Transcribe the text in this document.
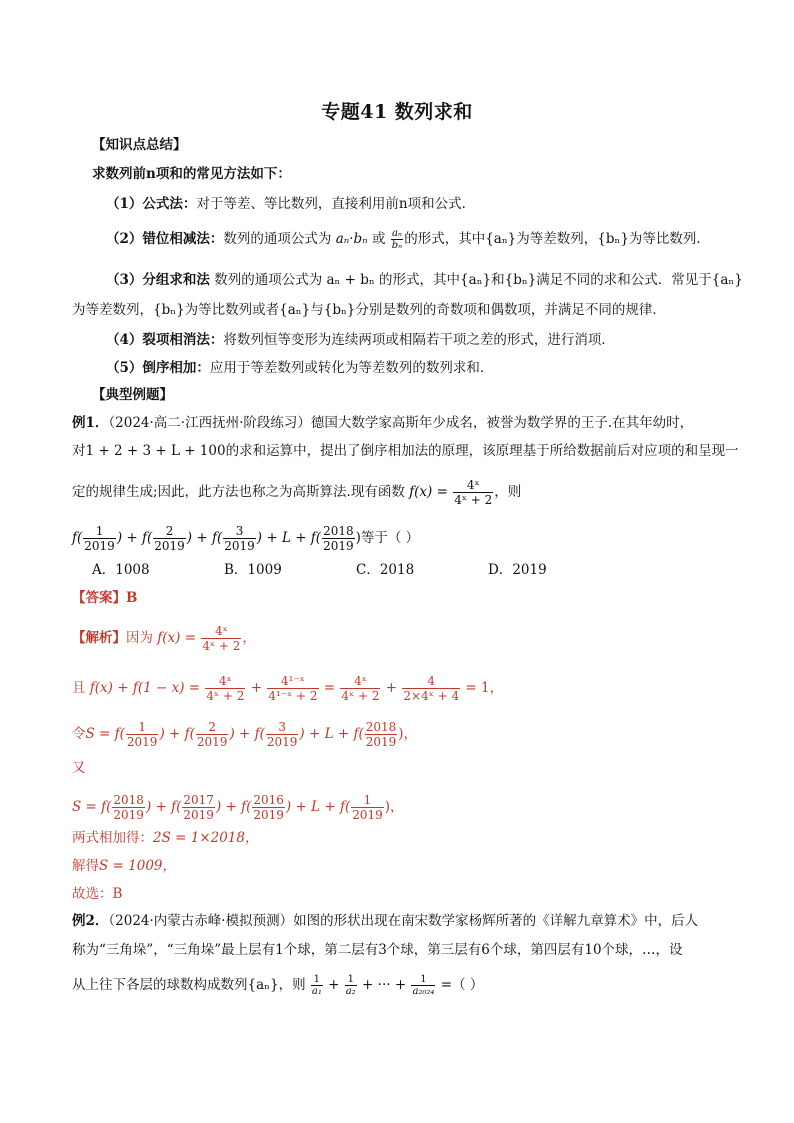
专题41 数列求和
【知识点总结】
求数列前n项和的常见方法如下：
（1）公式法：对于等差、等比数列，直接利用前n项和公式．
（2）错位相减法：数列的通项公式为 aₙ·bₙ 或 $\frac{\text{aₙ}}{\text{bₙ}}$ 的形式，其中{aₙ}为等差数列，{bₙ}为等比数列．
（3）分组求和法 数列的通项公式为 aₙ + bₙ 的形式，其中{aₙ}和{bₙ}满足不同的求和公式．常见于{aₙ}
为等差数列，{bₙ}为等比数列或者{aₙ}与{bₙ}分别是数列的奇数项和偶数项，并满足不同的规律．
（4）裂项相消法：将数列恒等变形为连续两项或相隔若干项之差的形式，进行消项．
（5）倒序相加：应用于等差数列或转化为等差数列的数列求和．
【典型例题】
例1．（2024·高二·江西抚州·阶段练习）德国大数学家高斯年少成名，被誉为数学界的王子.在其年幼时，
对1 + 2 + 3 + L + 100的求和运算中，提出了倒序相加法的原理，该原理基于所给数据前后对应项的和呈现一
定的规律生成;因此，此方法也称之为高斯算法.现有函数 $f(x) = \frac{\text{4ˣ}}{\text{4ˣ + 2}}$ ，则
$f( \frac{1}{2019}$ ) + $f( \frac{2}{2019}$ ) + $f( \frac{3}{2019}$ ) + $L + f( \frac{2018}{2019}$ )等于（ ）
A．1008	B．1009	C．2018	D．2019
【答案】B
【解析】因为 $f(x) = \frac{\text{4ˣ}}{\text{4ˣ + 2}}$ ，
且 $f(x) + f(1 - x) = \frac{\text{4ˣ}}{\text{4ˣ + 2}} + \frac{\text{4¹⁻ˣ}}{\text{4¹⁻ˣ + 2}} = \frac{\text{4ˣ}}{\text{4ˣ + 2}} + \frac{4}{\text{2×4ˣ + 4}} = 1$，
令$S = f( \frac{1}{2019}$ ) + $f( \frac{2}{2019}$ ) + $f( \frac{3}{2019}$ ) + $L + f( \frac{2018}{2019}$ )，
又
$S = f( \frac{2018}{2019}$ ) + $f( \frac{2017}{2019}$ ) + $f( \frac{2016}{2019}$ ) + $L + f( \frac{1}{2019}$ )，
两式相加得：2S = 1×2018，
解得S = 1009，
故选：B
例2．（2024·内蒙古赤峰·模拟预测）如图的形状出现在南宋数学家杨辉所著的《详解九章算术》中，后人
称为“三角垛”，“三角垛”最上层有1个球，第二层有3个球，第三层有6个球，第四层有10个球，…，设
从上往下各层的球数构成数列{aₙ}，则 $\frac{1}{\text{a₁}} + \frac{1}{\text{a₂}}$ + ··· + $\frac{1}{\text{a₂₀₂₄}}$ =（ ）
